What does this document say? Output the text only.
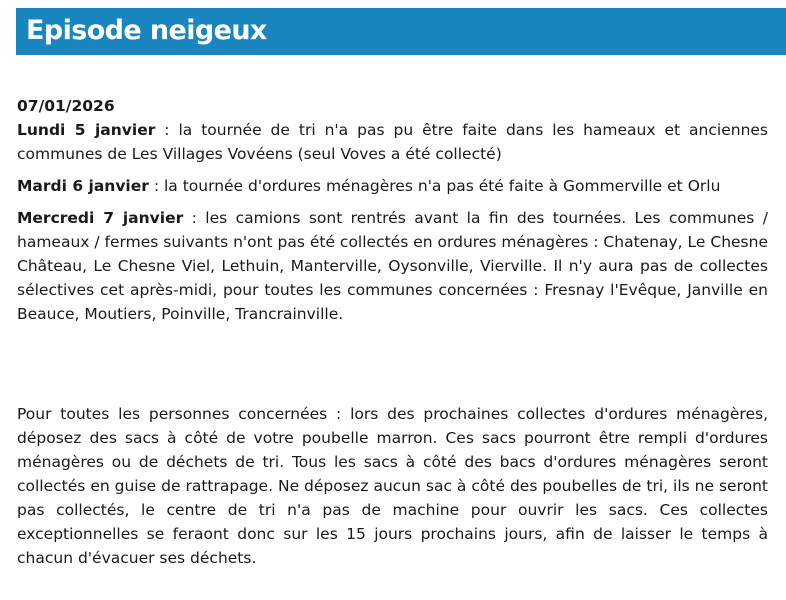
Episode neigeux

07/01/2026

Lundi 5 janvier : la tournée de tri n'a pas pu être faite dans les hameaux et anciennes communes de Les Villages Vovéens (seul Voves a été collecté)

Mardi 6 janvier : la tournée d'ordures ménagères n'a pas été faite à Gommerville et Orlu

Mercredi 7 janvier : les camions sont rentrés avant la fin des tournées. Les communes / hameaux / fermes suivants n'ont pas été collectés en ordures ménagères : Chatenay, Le Chesne Château, Le Chesne Viel, Lethuin, Manterville, Oysonville, Vierville. Il n'y aura pas de collectes sélectives cet après-midi, pour toutes les communes concernées : Fresnay l'Evêque, Janville en Beauce, Moutiers, Poinville, Trancrainville.

Pour toutes les personnes concernées : lors des prochaines collectes d'ordures ménagères, déposez des sacs à côté de votre poubelle marron. Ces sacs pourront être rempli d'ordures ménagères ou de déchets de tri. Tous les sacs à côté des bacs d'ordures ménagères seront collectés en guise de rattrapage. Ne déposez aucun sac à côté des poubelles de tri, ils ne seront pas collectés, le centre de tri n'a pas de machine pour ouvrir les sacs. Ces collectes exceptionnelles se feraont donc sur les 15 jours prochains jours, afin de laisser le temps à chacun d'évacuer ses déchets.
